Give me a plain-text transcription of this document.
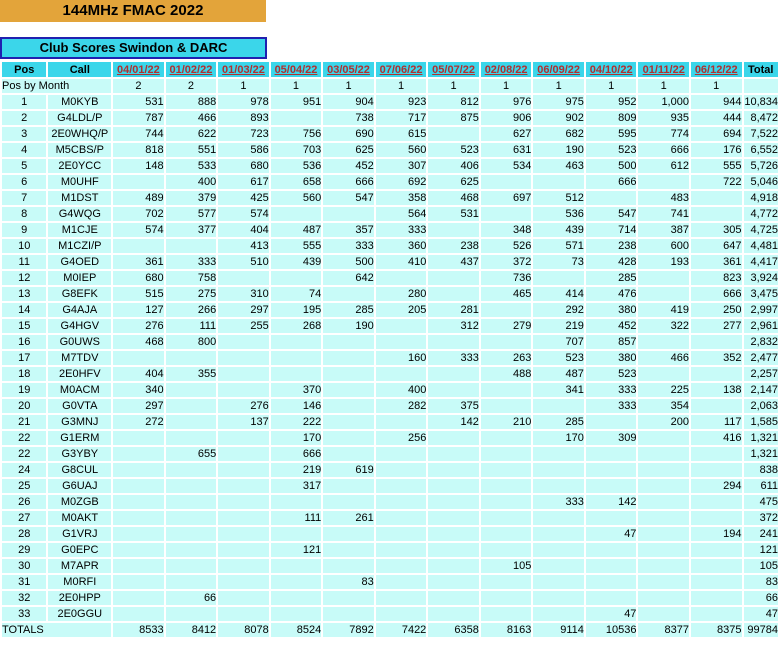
144MHz FMAC 2022
Club Scores Swindon & DARC
Pos	Call	04/01/22	01/02/22	01/03/22	05/04/22	03/05/22	07/06/22	05/07/22	02/08/22	06/09/22	04/10/22	01/11/22	06/12/22	Total
Pos by Month		2	2	1	1	1	1	1	1	1	1	1	1	
1	M0KYB	531	888	978	951	904	923	812	976	975	952	1,000	944	10,834
2	G4LDL/P	787	466	893		738	717	875	906	902	809	935	444	8,472
3	2E0WHQ/P	744	622	723	756	690	615		627	682	595	774	694	7,522
4	M5CBS/P	818	551	586	703	625	560	523	631	190	523	666	176	6,552
5	2E0YCC	148	533	680	536	452	307	406	534	463	500	612	555	5,726
6	M0UHF		400	617	658	666	692	625			666		722	5,046
7	M1DST	489	379	425	560	547	358	468	697	512		483		4,918
8	G4WQG	702	577	574			564	531		536	547	741		4,772
9	M1CJE	574	377	404	487	357	333		348	439	714	387	305	4,725
10	M1CZI/P			413	555	333	360	238	526	571	238	600	647	4,481
11	G4OED	361	333	510	439	500	410	437	372	73	428	193	361	4,417
12	M0IEP	680	758			642			736		285		823	3,924
13	G8EFK	515	275	310	74		280		465	414	476		666	3,475
14	G4AJA	127	266	297	195	285	205	281		292	380	419	250	2,997
15	G4HGV	276	111	255	268	190		312	279	219	452	322	277	2,961
16	G0UWS	468	800							707	857			2,832
17	M7TDV						160	333	263	523	380	466	352	2,477
18	2E0HFV	404	355						488	487	523			2,257
19	M0ACM	340			370		400			341	333	225	138	2,147
20	G0VTA	297		276	146		282	375			333	354		2,063
21	G3MNJ	272		137	222			142	210	285		200	117	1,585
22	G1ERM				170		256			170	309		416	1,321
22	G3YBY		655		666									1,321
24	G8CUL				219	619								838
25	G6UAJ				317								294	611
26	M0ZGB									333	142			475
27	M0AKT				111	261								372
28	G1VRJ										47		194	241
29	G0EPC				121									121
30	M7APR								105					105
31	M0RFI					83								83
32	2E0HPP		66											66
33	2E0GGU										47			47
TOTALS		8533	8412	8078	8524	7892	7422	6358	8163	9114	10536	8377	8375	99784
